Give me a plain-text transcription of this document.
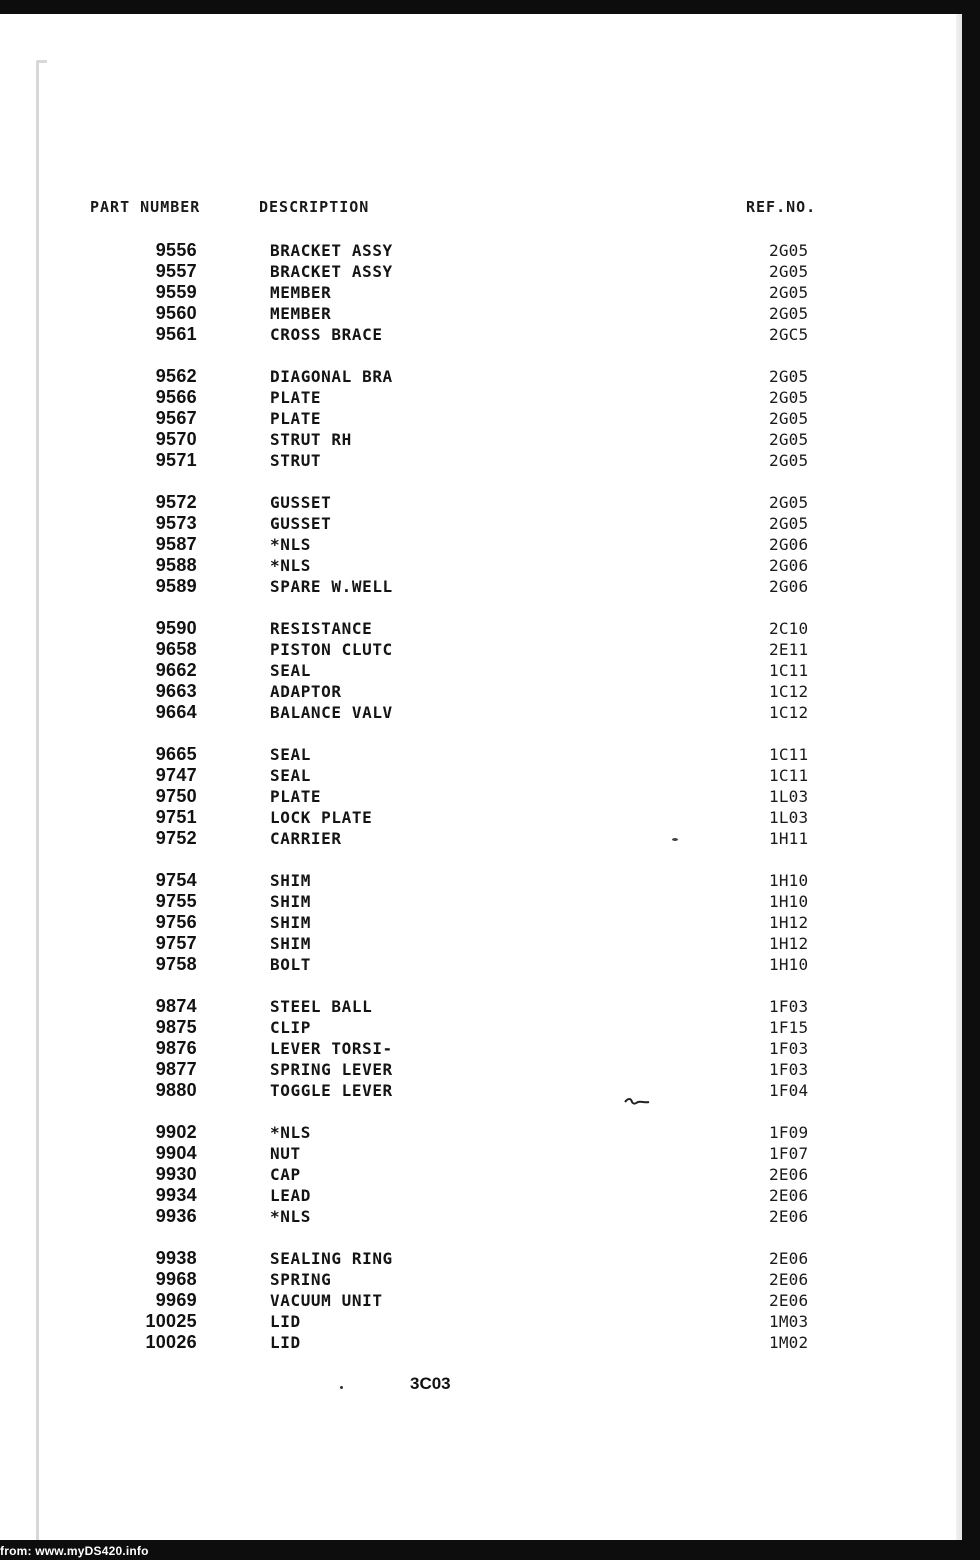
PART NUMBER	DESCRIPTION	REF.NO.
9556	BRACKET ASSY	2G05
9557	BRACKET ASSY	2G05
9559	MEMBER	2G05
9560	MEMBER	2G05
9561	CROSS BRACE	2GC5
9562	DIAGONAL BRA	2G05
9566	PLATE	2G05
9567	PLATE	2G05
9570	STRUT RH	2G05
9571	STRUT	2G05
9572	GUSSET	2G05
9573	GUSSET	2G05
9587	*NLS	2G06
9588	*NLS	2G06
9589	SPARE W.WELL	2G06
9590	RESISTANCE	2C10
9658	PISTON CLUTC	2E11
9662	SEAL	1C11
9663	ADAPTOR	1C12
9664	BALANCE VALV	1C12
9665	SEAL	1C11
9747	SEAL	1C11
9750	PLATE	1L03
9751	LOCK PLATE	1L03
9752	CARRIER	1H11
9754	SHIM	1H10
9755	SHIM	1H10
9756	SHIM	1H12
9757	SHIM	1H12
9758	BOLT	1H10
9874	STEEL BALL	1F03
9875	CLIP	1F15
9876	LEVER TORSI-	1F03
9877	SPRING LEVER	1F03
9880	TOGGLE LEVER	1F04
9902	*NLS	1F09
9904	NUT	1F07
9930	CAP	2E06
9934	LEAD	2E06
9936	*NLS	2E06
9938	SEALING RING	2E06
9968	SPRING	2E06
9969	VACUUM UNIT	2E06
10025	LID	1M03
10026	LID	1M02
3C03
from: www.myDS420.info
